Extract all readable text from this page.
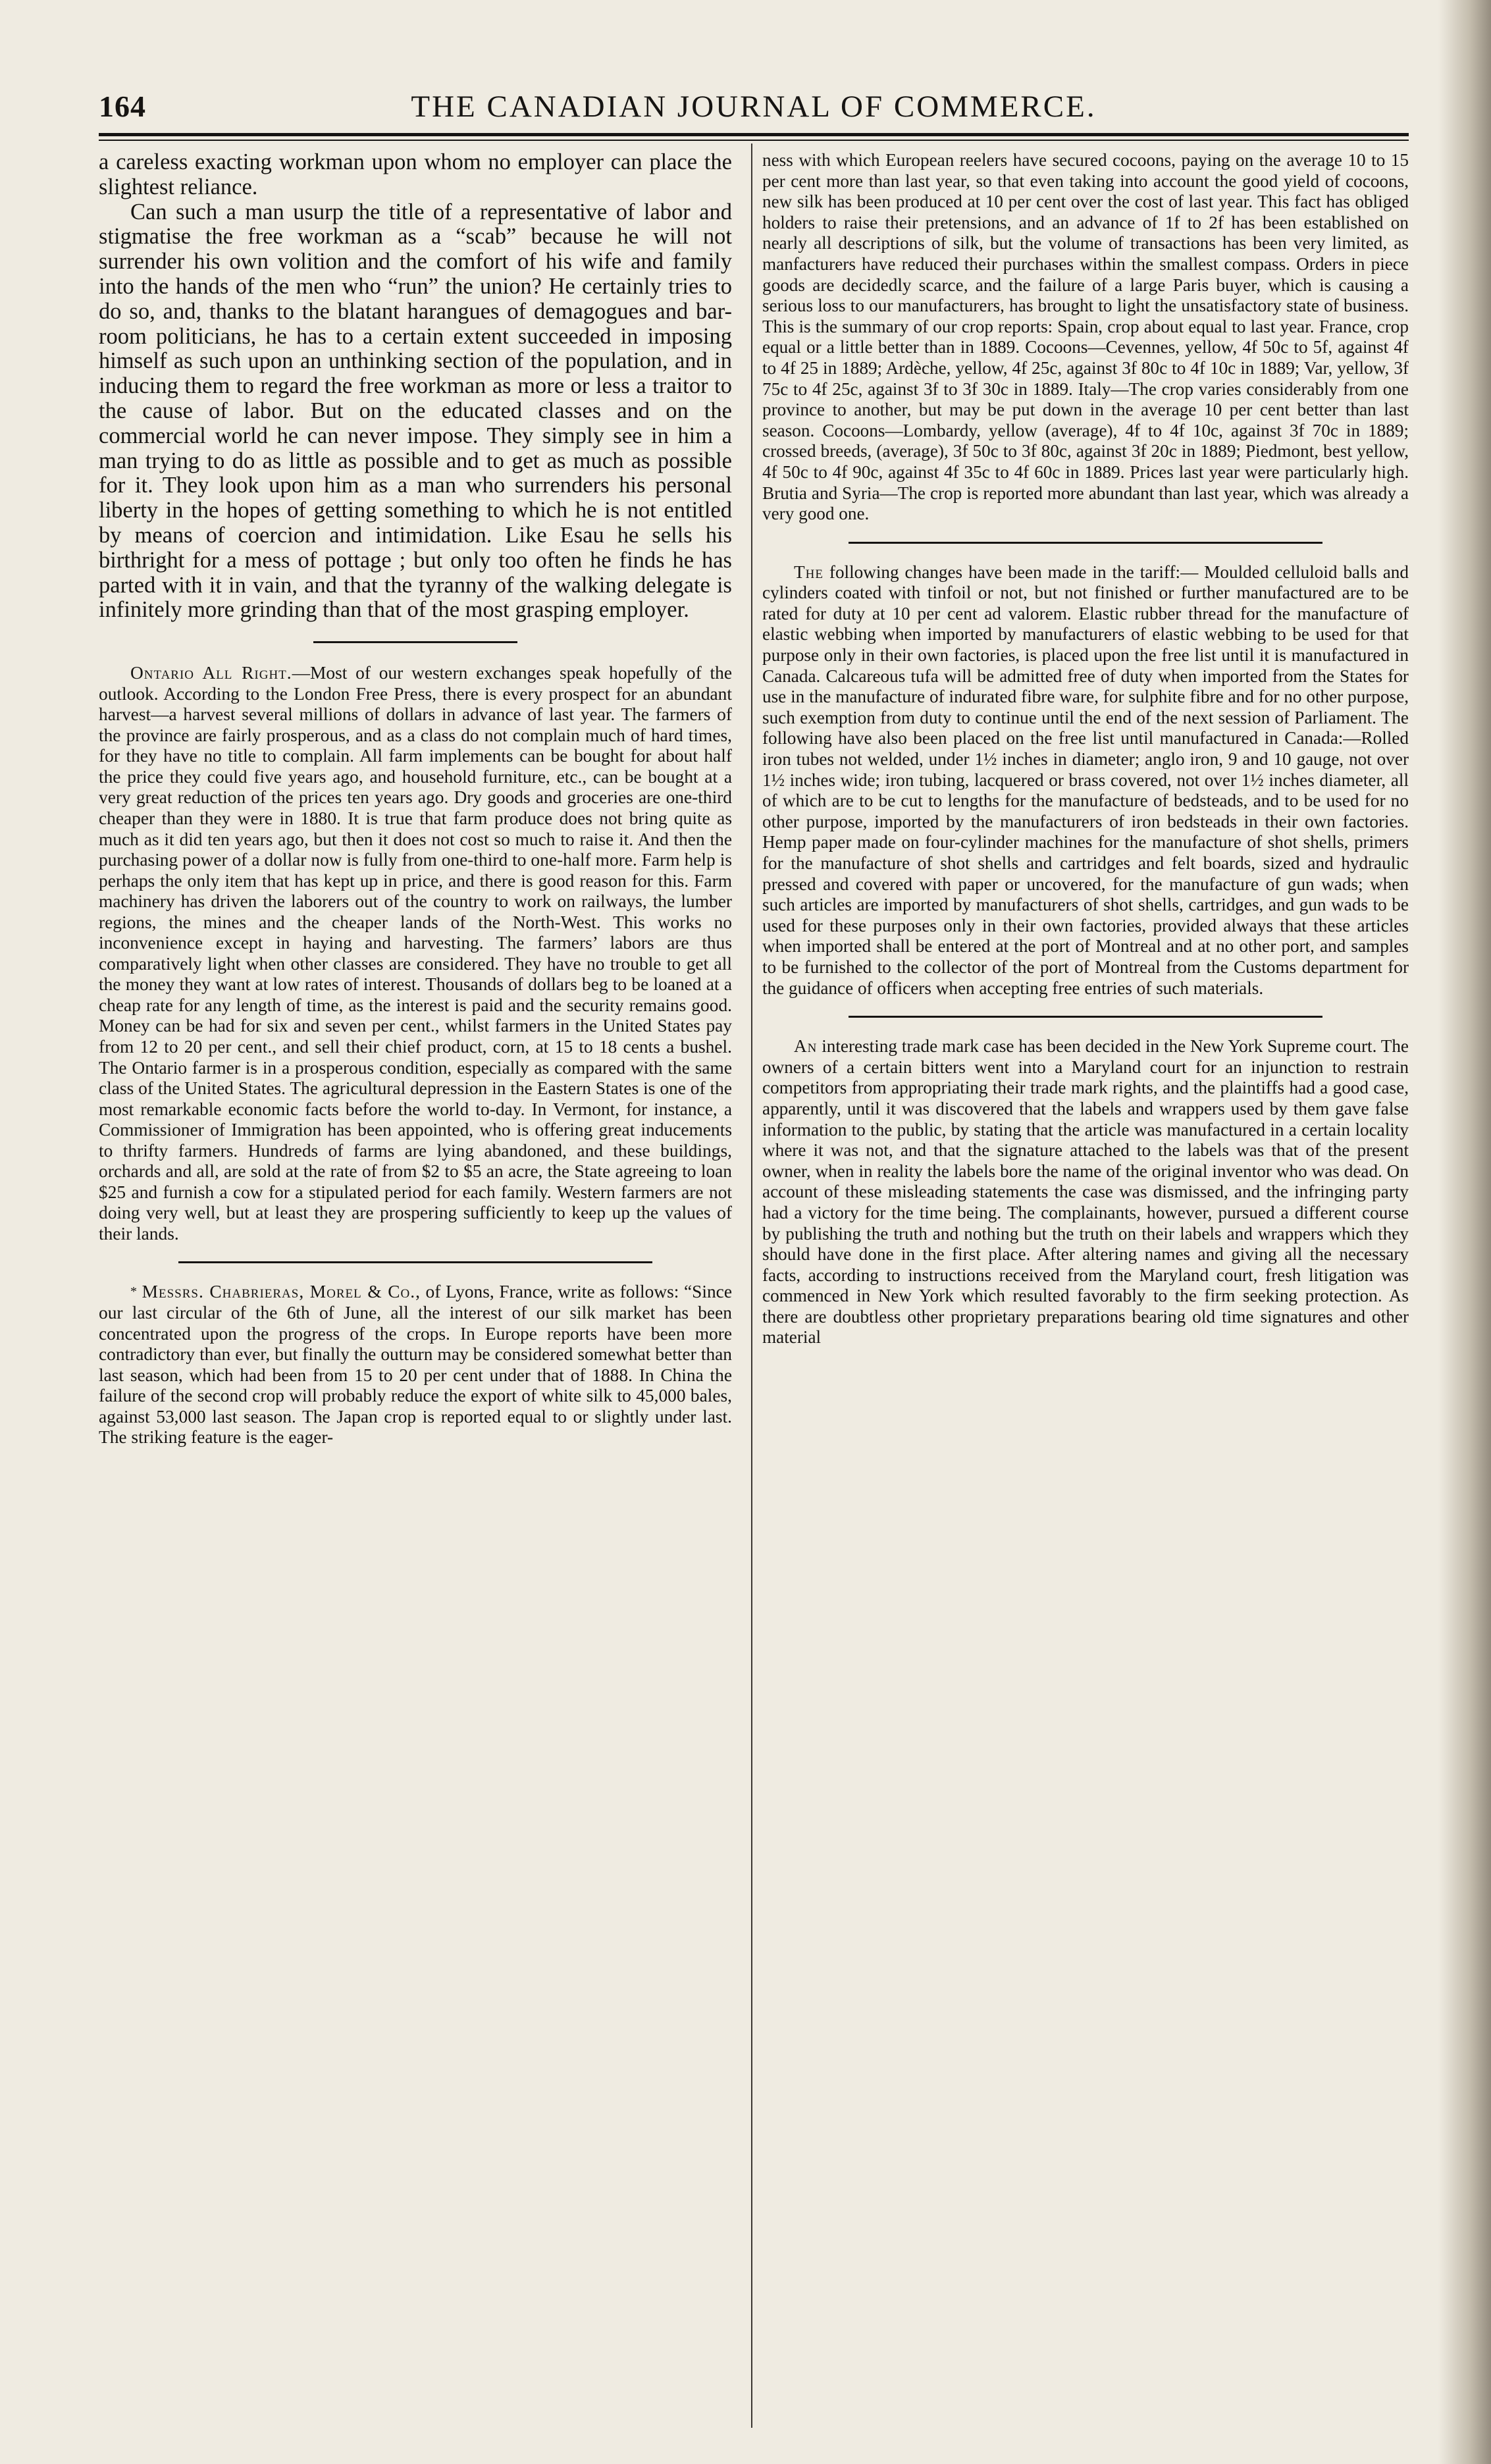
164	THE CANADIAN JOURNAL OF COMMERCE.

a careless exacting workman upon whom no employer can place the slightest reliance.

Can such a man usurp the title of a representative of labor and stigmatise the free workman as a “scab” because he will not surrender his own volition and the comfort of his wife and family into the hands of the men who “run” the union? He certainly tries to do so, and, thanks to the blatant harangues of demagogues and bar-room politicians, he has to a certain extent succeeded in imposing himself as such upon an unthinking section of the population, and in inducing them to regard the free workman as more or less a traitor to the cause of labor. But on the educated classes and on the commercial world he can never impose. They simply see in him a man trying to do as little as possible and to get as much as possible for it. They look upon him as a man who surrenders his personal liberty in the hopes of getting something to which he is not entitled by means of coercion and intimidation. Like Esau he sells his birthright for a mess of pottage ; but only too often he finds he has parted with it in vain, and that the tyranny of the walking delegate is infinitely more grinding than that of the most grasping employer.

Ontario All Right.—Most of our western exchanges speak hopefully of the outlook. According to the London Free Press, there is every prospect for an abundant harvest—a harvest several millions of dollars in advance of last year. The farmers of the province are fairly prosperous, and as a class do not complain much of hard times, for they have no title to complain. All farm implements can be bought for about half the price they could five years ago, and household furniture, etc., can be bought at a very great reduction of the prices ten years ago. Dry goods and groceries are one-third cheaper than they were in 1880. It is true that farm produce does not bring quite as much as it did ten years ago, but then it does not cost so much to raise it. And then the purchasing power of a dollar now is fully from one-third to one-half more. Farm help is perhaps the only item that has kept up in price, and there is good reason for this. Farm machinery has driven the laborers out of the country to work on railways, the lumber regions, the mines and the cheaper lands of the North-West. This works no inconvenience except in haying and harvesting. The farmers’ labors are thus comparatively light when other classes are considered. They have no trouble to get all the money they want at low rates of interest. Thousands of dollars beg to be loaned at a cheap rate for any length of time, as the interest is paid and the security remains good. Money can be had for six and seven per cent., whilst farmers in the United States pay from 12 to 20 per cent., and sell their chief product, corn, at 15 to 18 cents a bushel. The Ontario farmer is in a prosperous condition, especially as compared with the same class of the United States. The agricultural depression in the Eastern States is one of the most remarkable economic facts before the world to-day. In Vermont, for instance, a Commissioner of Immigration has been appointed, who is offering great inducements to thrifty farmers. Hundreds of farms are lying abandoned, and these buildings, orchards and all, are sold at the rate of from $2 to $5 an acre, the State agreeing to loan $25 and furnish a cow for a stipulated period for each family. Western farmers are not doing very well, but at least they are prospering sufficiently to keep up the values of their lands.

* Messrs. Chabrieras, Morel & Co., of Lyons, France, write as follows: “Since our last circular of the 6th of June, all the interest of our silk market has been concentrated upon the progress of the crops. In Europe reports have been more contradictory than ever, but finally the outturn may be considered somewhat better than last season, which had been from 15 to 20 per cent under that of 1888. In China the failure of the second crop will probably reduce the export of white silk to 45,000 bales, against 53,000 last season. The Japan crop is reported equal to or slightly under last. The striking feature is the eager-

ness with which European reelers have secured cocoons, paying on the average 10 to 15 per cent more than last year, so that even taking into account the good yield of cocoons, new silk has been produced at 10 per cent over the cost of last year. This fact has obliged holders to raise their pretensions, and an advance of 1f to 2f has been established on nearly all descriptions of silk, but the volume of transactions has been very limited, as manfacturers have reduced their purchases within the smallest compass. Orders in piece goods are decidedly scarce, and the failure of a large Paris buyer, which is causing a serious loss to our manufacturers, has brought to light the unsatisfactory state of business. This is the summary of our crop reports: Spain, crop about equal to last year. France, crop equal or a little better than in 1889. Cocoons—Cevennes, yellow, 4f 50c to 5f, against 4f to 4f 25 in 1889; Ardèche, yellow, 4f 25c, against 3f 80c to 4f 10c in 1889; Var, yellow, 3f 75c to 4f 25c, against 3f to 3f 30c in 1889. Italy—The crop varies considerably from one province to another, but may be put down in the average 10 per cent better than last season. Cocoons—Lombardy, yellow (average), 4f to 4f 10c, against 3f 70c in 1889; crossed breeds, (average), 3f 50c to 3f 80c, against 3f 20c in 1889; Piedmont, best yellow, 4f 50c to 4f 90c, against 4f 35c to 4f 60c in 1889. Prices last year were particularly high. Brutia and Syria—The crop is reported more abundant than last year, which was already a very good one.

The following changes have been made in the tariff:— Moulded celluloid balls and cylinders coated with tinfoil or not, but not finished or further manufactured are to be rated for duty at 10 per cent ad valorem. Elastic rubber thread for the manufacture of elastic webbing when imported by manufacturers of elastic webbing to be used for that purpose only in their own factories, is placed upon the free list until it is manufactured in Canada. Calcareous tufa will be admitted free of duty when imported from the States for use in the manufacture of indurated fibre ware, for sulphite fibre and for no other purpose, such exemption from duty to continue until the end of the next session of Parliament. The following have also been placed on the free list until manufactured in Canada:—Rolled iron tubes not welded, under 1½ inches in diameter; anglo iron, 9 and 10 gauge, not over 1½ inches wide; iron tubing, lacquered or brass covered, not over 1½ inches diameter, all of which are to be cut to lengths for the manufacture of bedsteads, and to be used for no other purpose, imported by the manufacturers of iron bedsteads in their own factories. Hemp paper made on four-cylinder machines for the manufacture of shot shells, primers for the manufacture of shot shells and cartridges and felt boards, sized and hydraulic pressed and covered with paper or uncovered, for the manufacture of gun wads; when such articles are imported by manufacturers of shot shells, cartridges, and gun wads to be used for these purposes only in their own factories, provided always that these articles when imported shall be entered at the port of Montreal and at no other port, and samples to be furnished to the collector of the port of Montreal from the Customs department for the guidance of officers when accepting free entries of such materials.

An interesting trade mark case has been decided in the New York Supreme court. The owners of a certain bitters went into a Maryland court for an injunction to restrain competitors from appropriating their trade mark rights, and the plaintiffs had a good case, apparently, until it was discovered that the labels and wrappers used by them gave false information to the public, by stating that the article was manufactured in a certain locality where it was not, and that the signature attached to the labels was that of the present owner, when in reality the labels bore the name of the original inventor who was dead. On account of these misleading statements the case was dismissed, and the infringing party had a victory for the time being. The complainants, however, pursued a different course by publishing the truth and nothing but the truth on their labels and wrappers which they should have done in the first place. After altering names and giving all the necessary facts, according to instructions received from the Maryland court, fresh litigation was commenced in New York which resulted favorably to the firm seeking protection. As there are doubtless other proprietary preparations bearing old time signatures and other material
